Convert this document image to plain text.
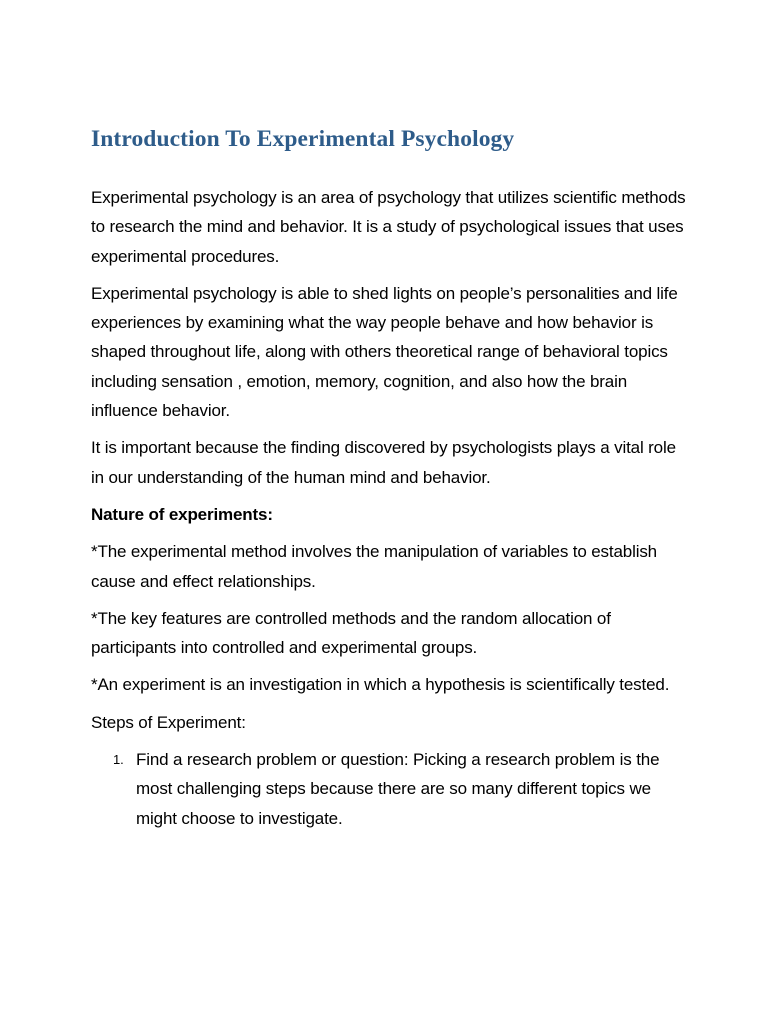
Introduction To Experimental Psychology

Experimental psychology is an area of psychology that utilizes scientific methods to research the mind and behavior. It is a study of psychological issues that uses experimental procedures.

Experimental psychology is able to shed lights on people’s personalities and life experiences by examining what the way people behave and how behavior is shaped throughout life, along with others theoretical range of behavioral topics including sensation , emotion, memory, cognition, and also how the brain influence behavior.

It is important because the finding discovered by psychologists plays a vital role in our understanding of the human mind and behavior.

Nature of experiments:

*The experimental method involves the manipulation of variables to establish cause and effect relationships.

*The key features are controlled methods and the random allocation of participants into controlled and experimental groups.

*An experiment is an investigation in which a hypothesis is scientifically tested.

Steps of Experiment:

1. Find a research problem or question: Picking a research problem is the most challenging steps because there are so many different topics we might choose to investigate.
